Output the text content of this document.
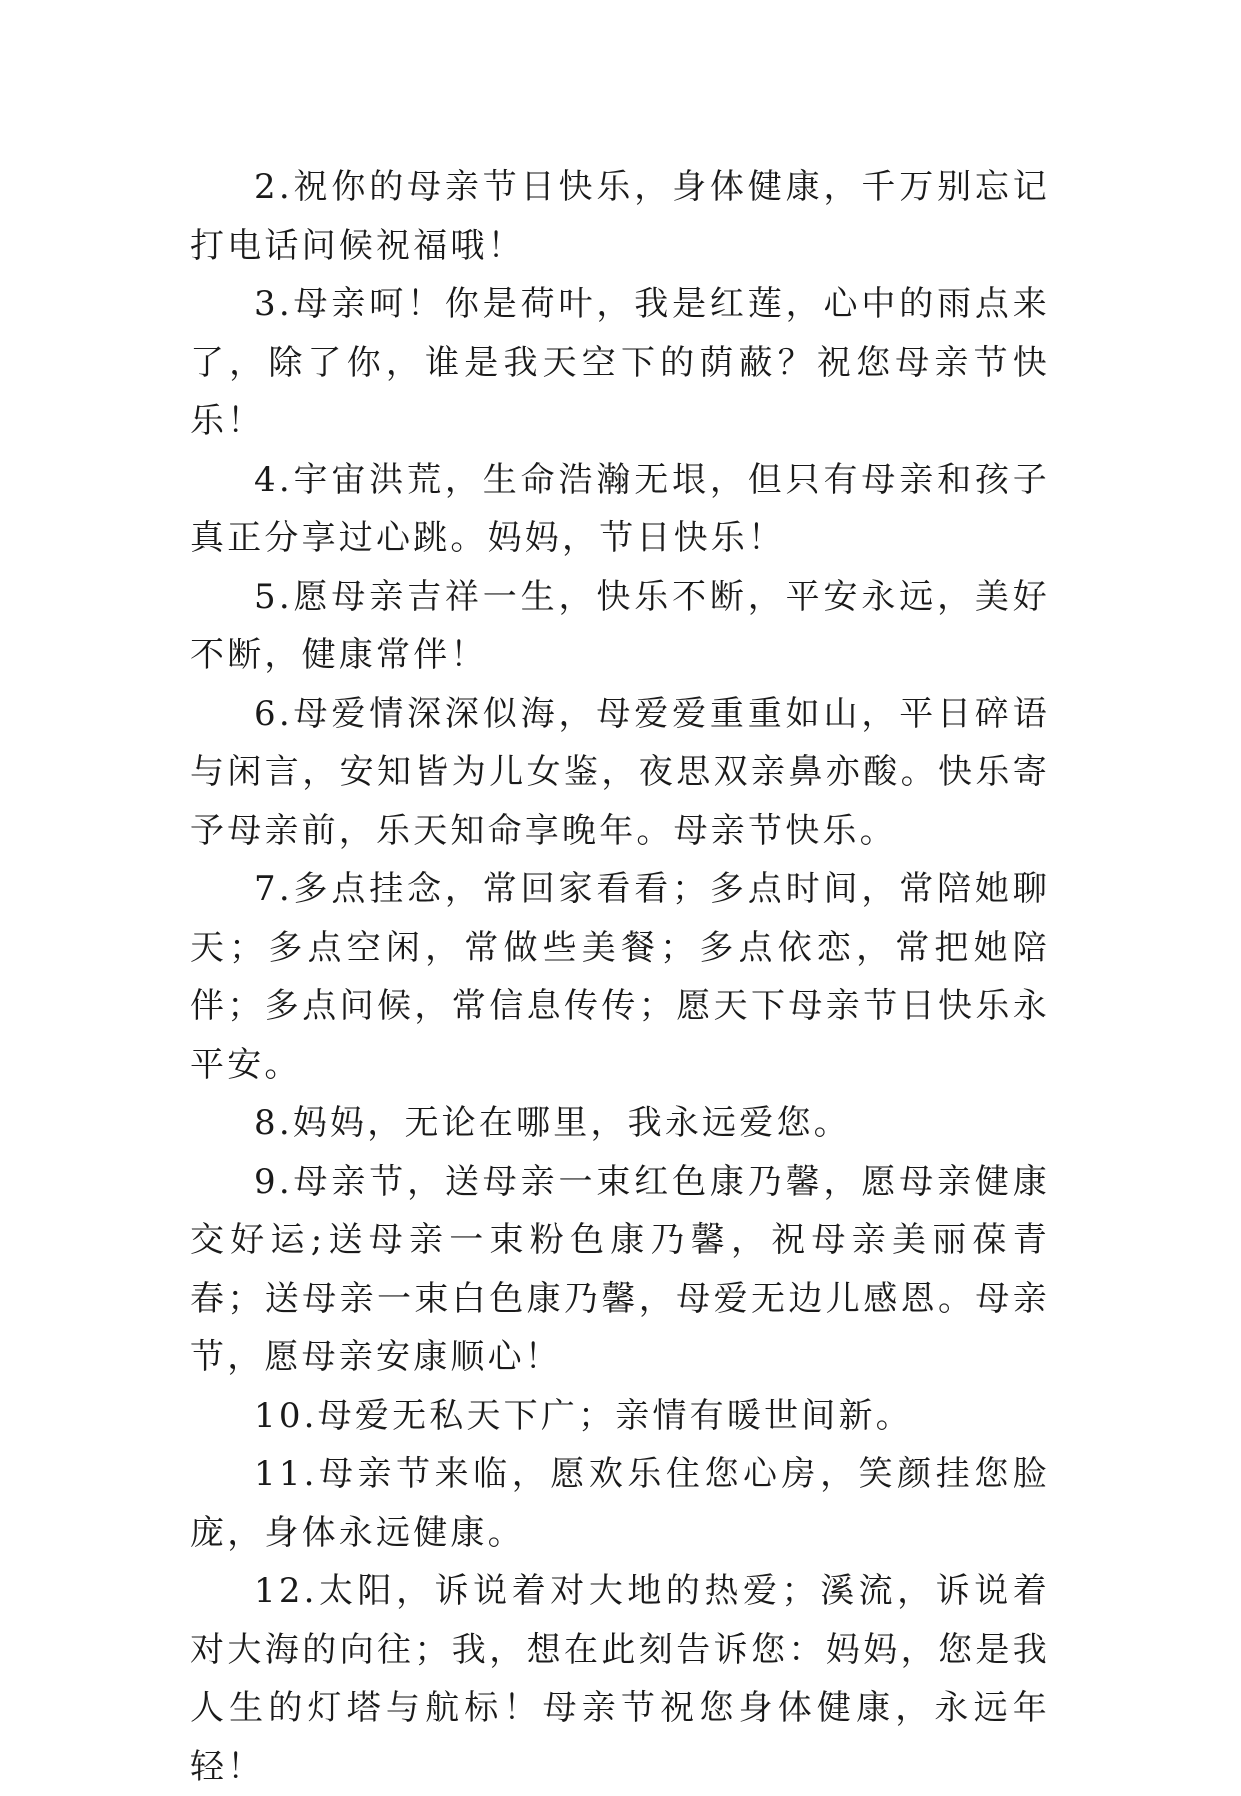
2.祝你的母亲节日快乐，身体健康，千万别忘记打电话问候祝福哦！

3.母亲呵！你是荷叶，我是红莲，心中的雨点来了，除了你，谁是我天空下的荫蔽？祝您母亲节快乐！

4.宇宙洪荒，生命浩瀚无垠，但只有母亲和孩子真正分享过心跳。妈妈，节日快乐！

5.愿母亲吉祥一生，快乐不断，平安永远，美好不断，健康常伴！

6.母爱情深深似海，母爱爱重重如山，平日碎语与闲言，安知皆为儿女鉴，夜思双亲鼻亦酸。快乐寄予母亲前，乐天知命享晚年。母亲节快乐。

7.多点挂念，常回家看看；多点时间，常陪她聊天；多点空闲，常做些美餐；多点依恋，常把她陪伴；多点问候，常信息传传；愿天下母亲节日快乐永平安。

8.妈妈，无论在哪里，我永远爱您。

9.母亲节，送母亲一束红色康乃馨，愿母亲健康交好运;送母亲一束粉色康乃馨，祝母亲美丽葆青春；送母亲一束白色康乃馨，母爱无边儿感恩。母亲节，愿母亲安康顺心！

10.母爱无私天下广；亲情有暖世间新。

11.母亲节来临，愿欢乐住您心房，笑颜挂您脸庞，身体永远健康。

12.太阳，诉说着对大地的热爱；溪流，诉说着对大海的向往；我，想在此刻告诉您：妈妈，您是我人生的灯塔与航标！母亲节祝您身体健康，永远年轻！
